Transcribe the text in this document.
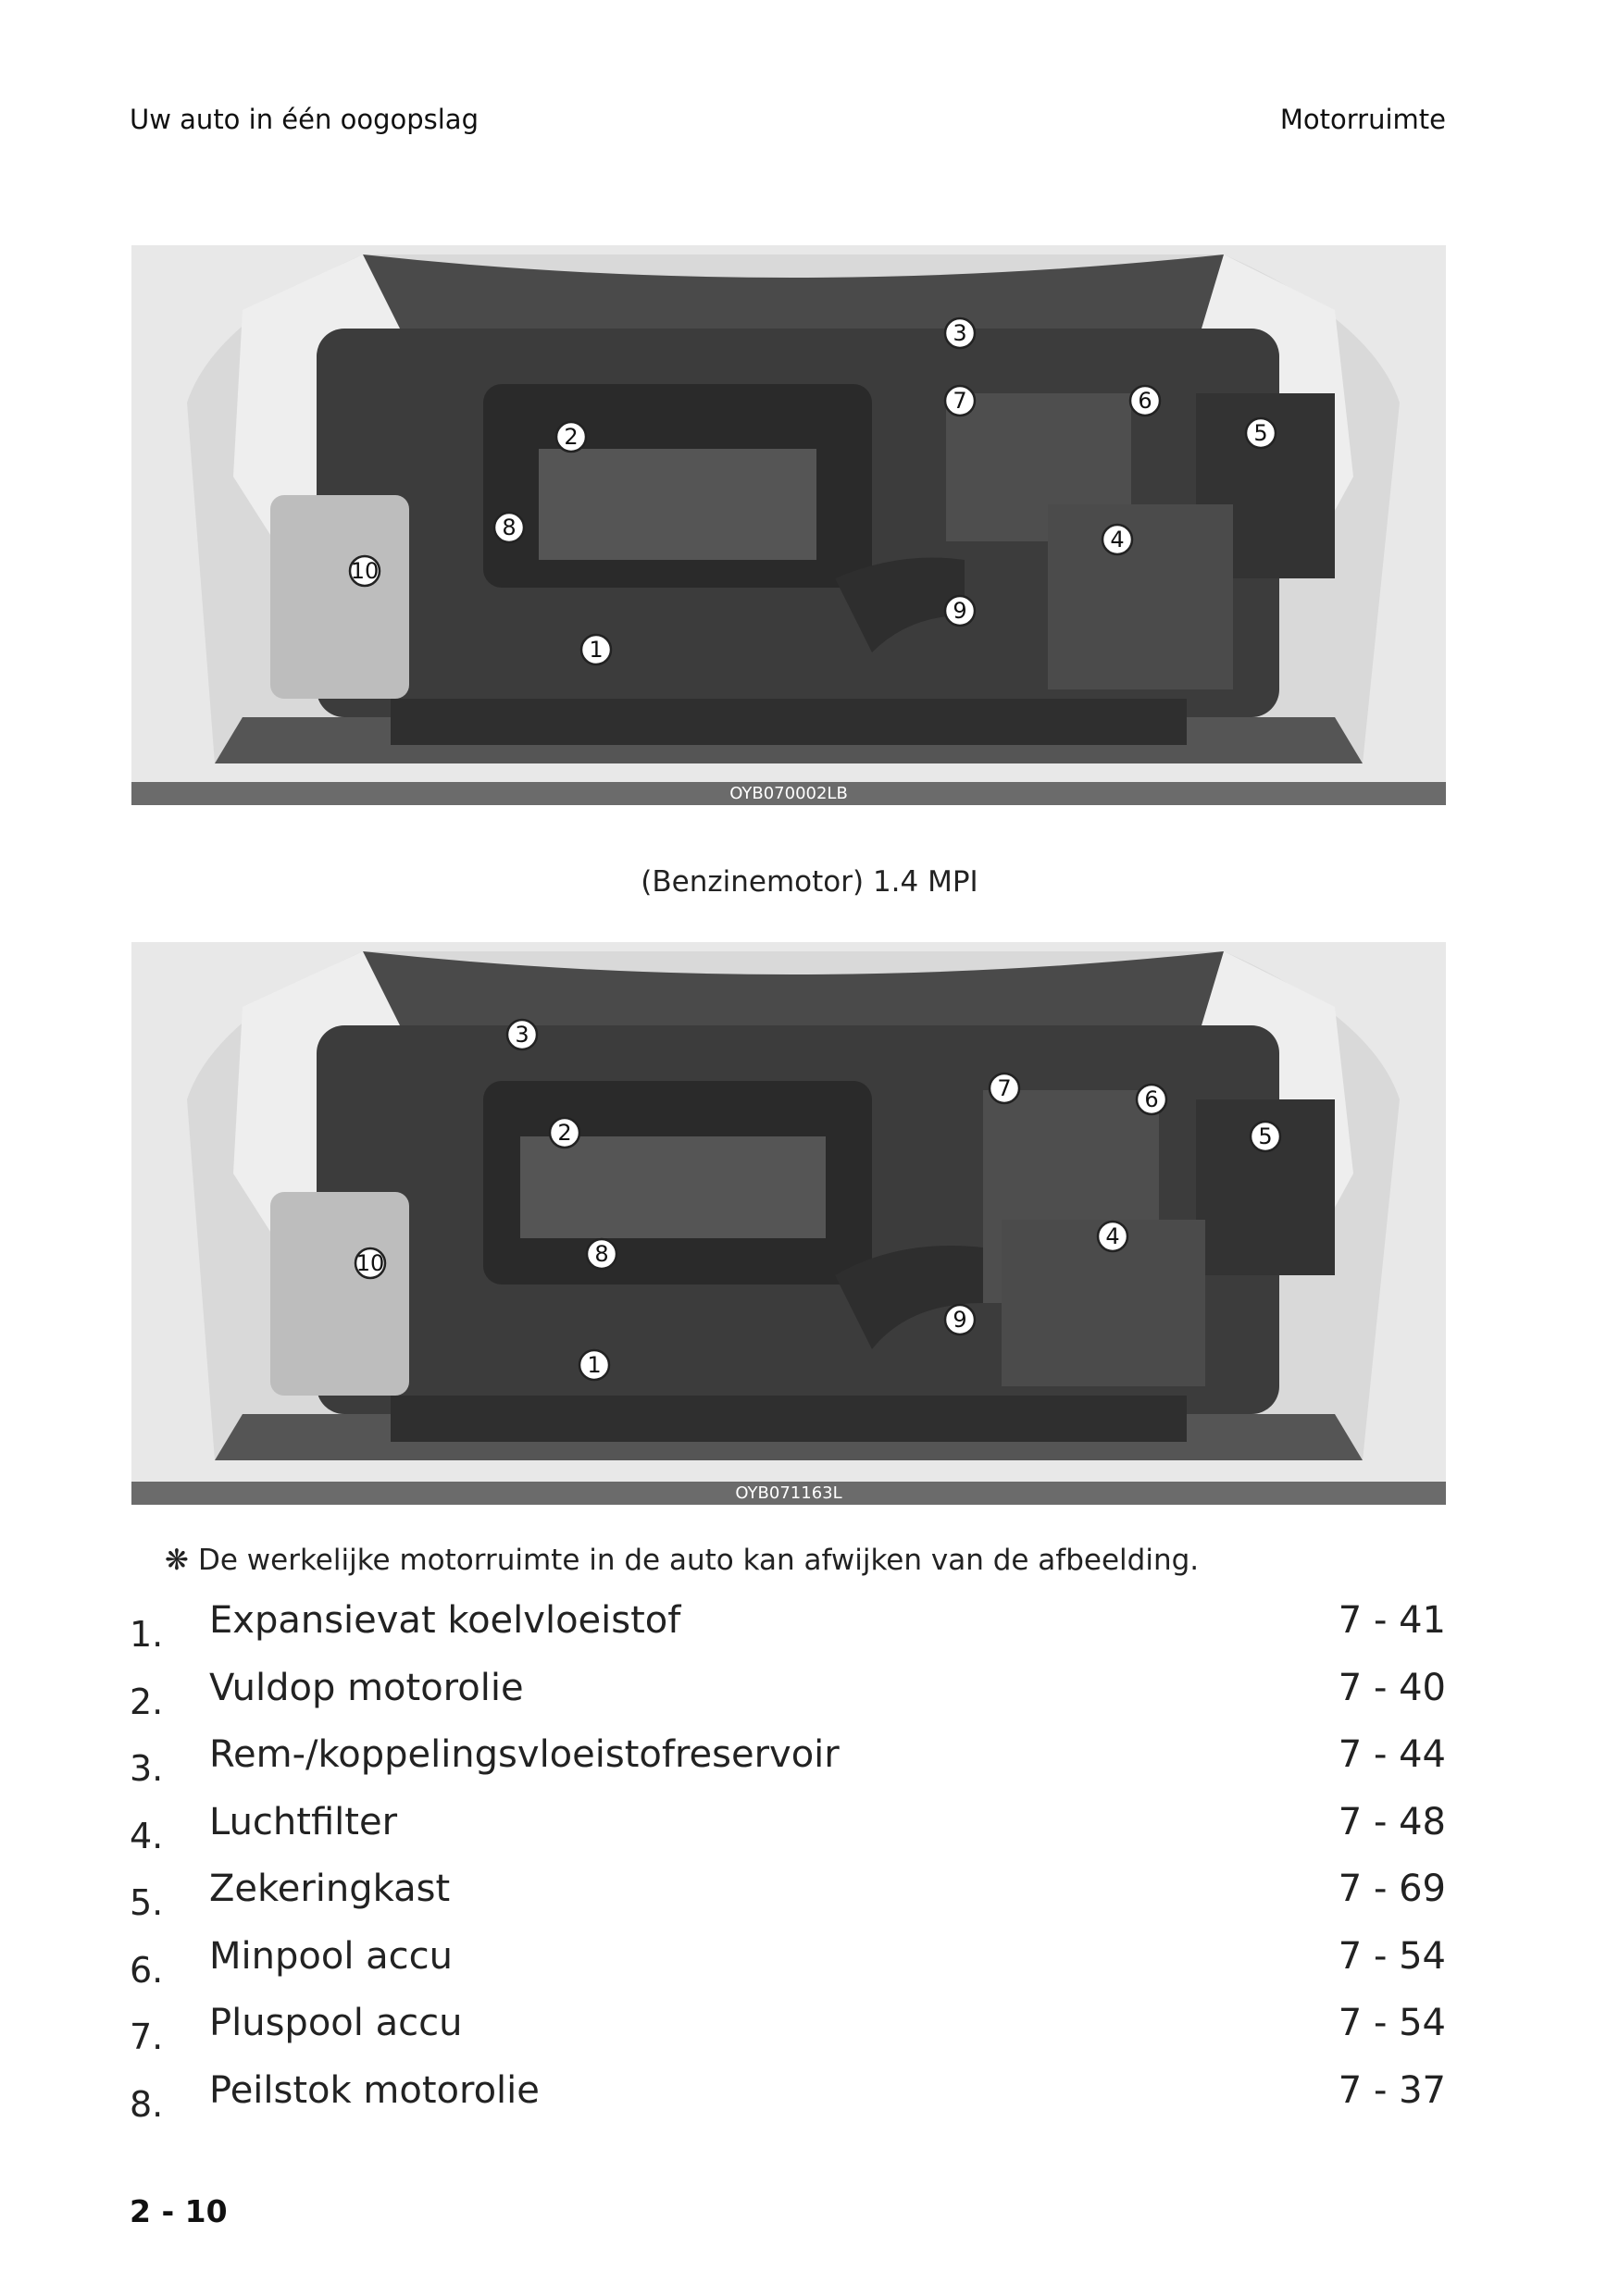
Uw auto in één oogopslag	Motorruimte
1
2
3
4
5
6
7
8
9
10
OYB070002LB
(Benzinemotor) 1.4 MPI
1
2
3
4
5
6
7
8
9
10
OYB071163L
❋ De werkelijke motorruimte in de auto kan afwijken van de afbeelding.
1.	Expansievat koelvloeistof	7 - 41
2.	Vuldop motorolie	7 - 40
3.	Rem-/koppelingsvloeistofreservoir	7 - 44
4.	Luchtfilter	7 - 48
5.	Zekeringkast	7 - 69
6.	Minpool accu	7 - 54
7.	Pluspool accu	7 - 54
8.	Peilstok motorolie	7 - 37
2 - 10
